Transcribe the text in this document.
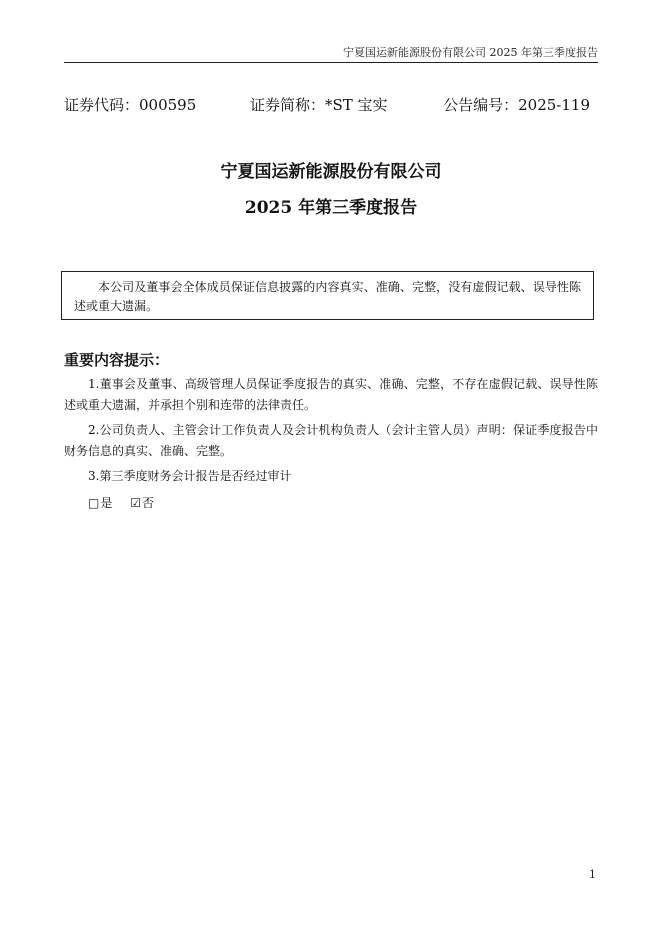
宁夏国运新能源股份有限公司 2025 年第三季度报告
证券代码：000595	证券简称：*ST 宝实	公告编号：2025-119
宁夏国运新能源股份有限公司
2025 年第三季度报告
本公司及董事会全体成员保证信息披露的内容真实、准确、完整，没有虚假记载、误导性陈述或重大遗漏。
重要内容提示：
1.董事会及董事、高级管理人员保证季度报告的真实、准确、完整，不存在虚假记载、误导性陈述或重大遗漏，并承担个别和连带的法律责任。
2.公司负责人、主管会计工作负责人及会计机构负责人（会计主管人员）声明：保证季度报告中财务信息的真实、准确、完整。
3.第三季度财务会计报告是否经过审计
□是 ☑否
1
